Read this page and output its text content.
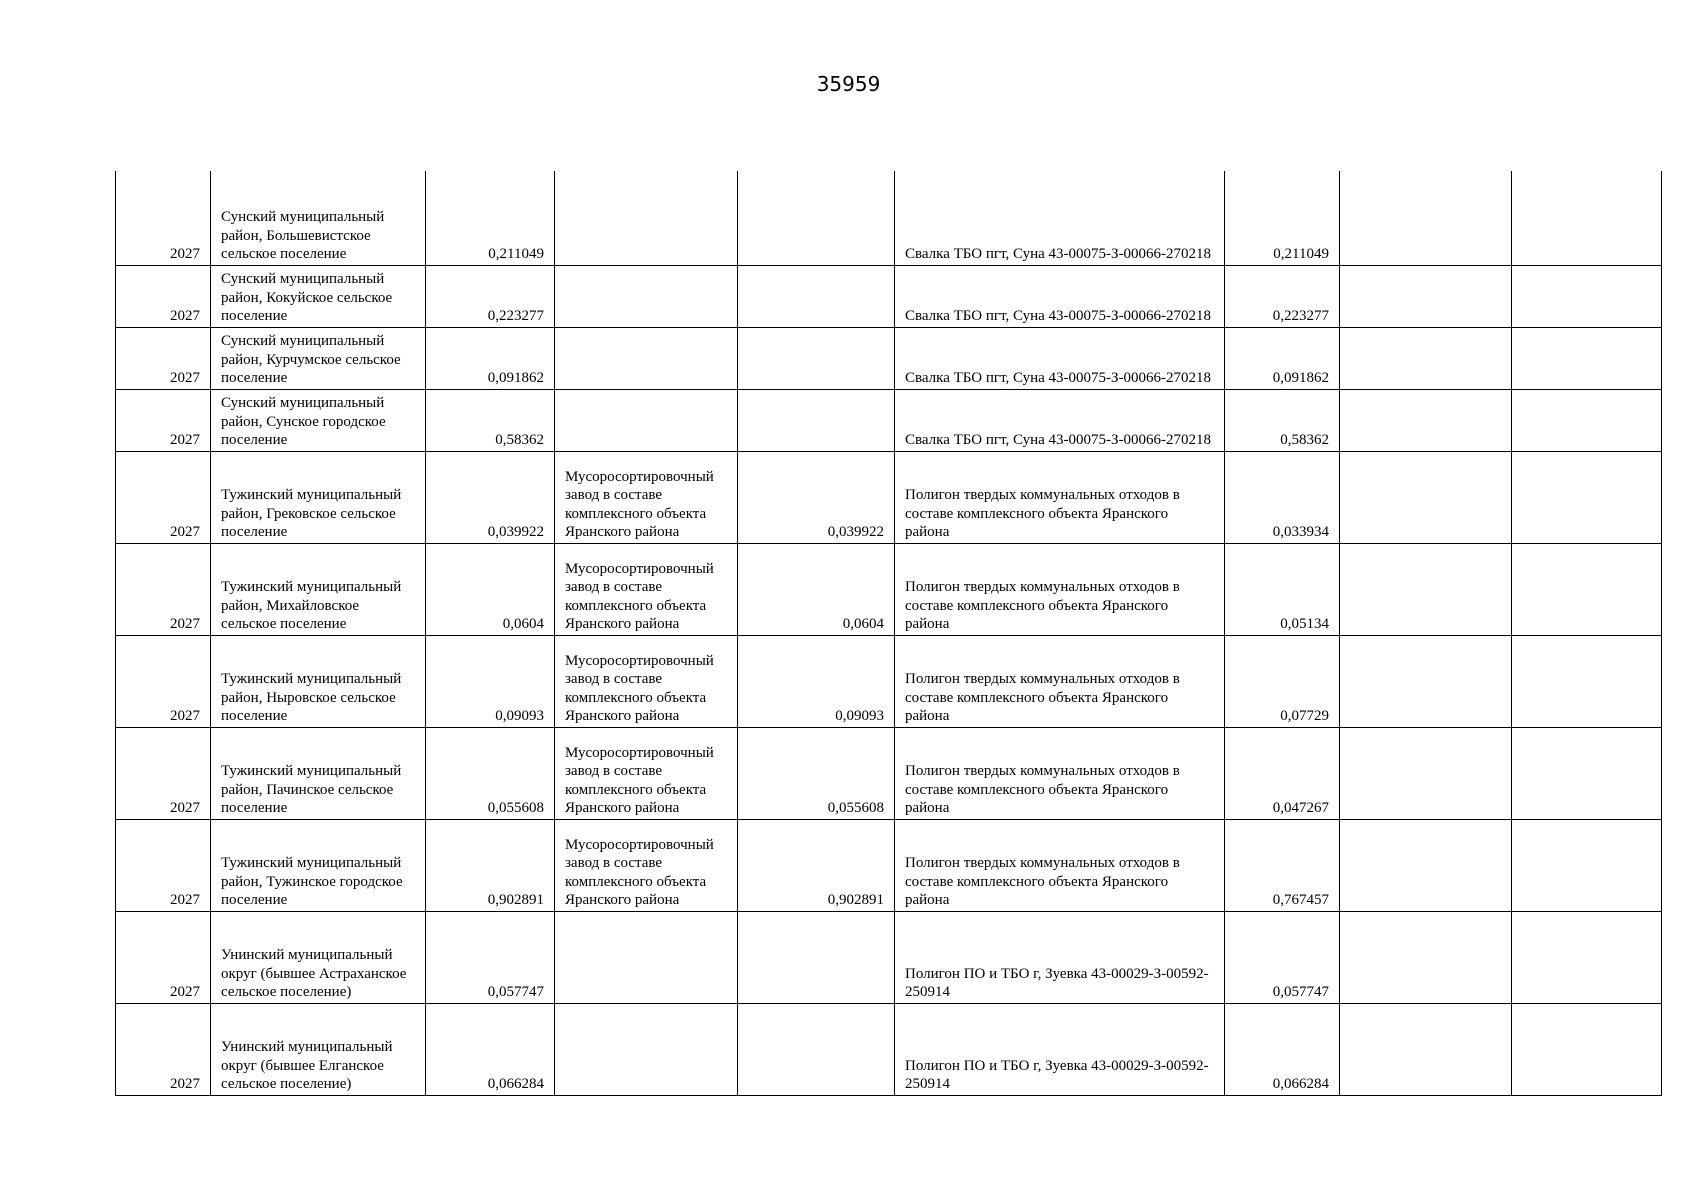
35959
2027	Сунский муниципальный район, Большевистское сельское поселение	0,211049			Свалка ТБО пгт, Суна 43-00075-З-00066-270218	0,211049		

2027	Сунский муниципальный район, Кокуйское сельское поселение	0,223277			Свалка ТБО пгт, Суна 43-00075-З-00066-270218	0,223277		

2027	Сунский муниципальный район, Курчумское сельское поселение	0,091862			Свалка ТБО пгт, Суна 43-00075-З-00066-270218	0,091862		

2027	Сунский муниципальный район, Сунское городское поселение	0,58362			Свалка ТБО пгт, Суна 43-00075-З-00066-270218	0,58362		

2027	Тужинский муниципальный район, Грековское сельское поселение	0,039922	Мусоросортировочный завод в составе комплексного объекта Яранского района	0,039922	Полигон твердых коммунальных отходов в составе комплексного объекта Яранского района	0,033934		

2027	Тужинский муниципальный район, Михайловское сельское поселение	0,0604	Мусоросортировочный завод в составе комплексного объекта Яранского района	0,0604	Полигон твердых коммунальных отходов в составе комплексного объекта Яранского района	0,05134		

2027	Тужинский муниципальный район, Ныровское сельское поселение	0,09093	Мусоросортировочный завод в составе комплексного объекта Яранского района	0,09093	Полигон твердых коммунальных отходов в составе комплексного объекта Яранского района	0,07729		

2027	Тужинский муниципальный район, Пачинское сельское поселение	0,055608	Мусоросортировочный завод в составе комплексного объекта Яранского района	0,055608	Полигон твердых коммунальных отходов в составе комплексного объекта Яранского района	0,047267		

2027	Тужинский муниципальный район, Тужинское городское поселение	0,902891	Мусоросортировочный завод в составе комплексного объекта Яранского района	0,902891	Полигон твердых коммунальных отходов в составе комплексного объекта Яранского района	0,767457		

2027	Унинский муниципальный округ (бывшее Астраханское сельское поселение)	0,057747			Полигон ПО и ТБО г, Зуевка 43-00029-З-00592-250914	0,057747		

2027	Унинский муниципальный округ (бывшее Елганское сельское поселение)	0,066284			Полигон ПО и ТБО г, Зуевка 43-00029-З-00592-250914	0,066284		
